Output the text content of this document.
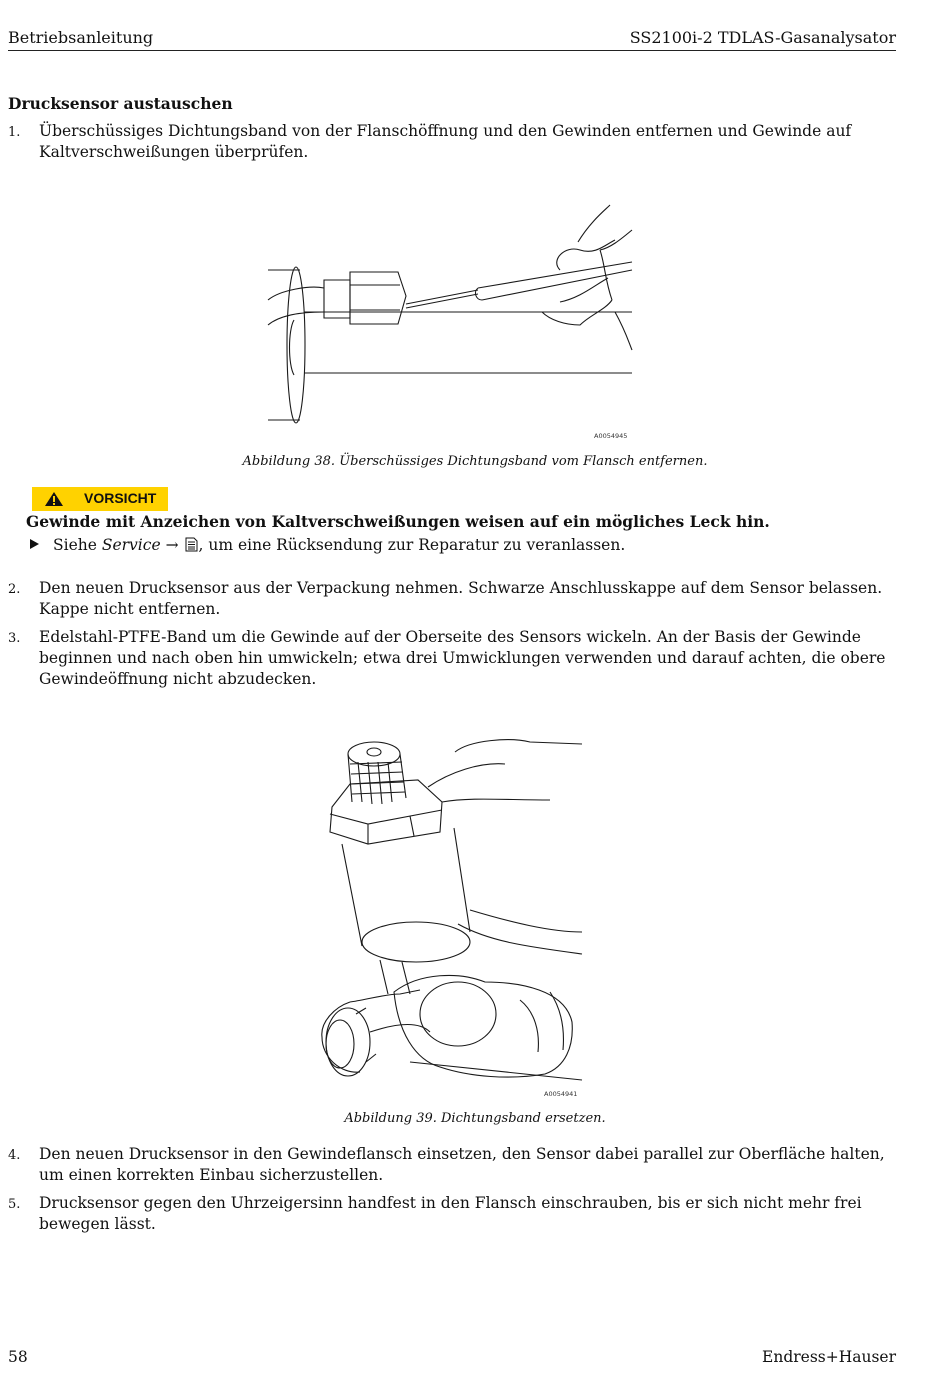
Betriebsanleitung	SS2100i-2 TDLAS-Gasanalysator
Drucksensor austauschen
1. Überschüssiges Dichtungsband von der Flanschöffnung und den Gewinden entfernen und Gewinde auf Kaltverschweißungen überprüfen.
A0054945
Abbildung 38. Überschüssiges Dichtungsband vom Flansch entfernen.
VORSICHT
Gewinde mit Anzeichen von Kaltverschweißungen weisen auf ein mögliches Leck hin.
Siehe Service → , um eine Rücksendung zur Reparatur zu veranlassen.
2. Den neuen Drucksensor aus der Verpackung nehmen. Schwarze Anschlusskappe auf dem Sensor belassen. Kappe nicht entfernen.
3. Edelstahl-PTFE-Band um die Gewinde auf der Oberseite des Sensors wickeln. An der Basis der Gewinde beginnen und nach oben hin umwickeln; etwa drei Umwicklungen verwenden und darauf achten, die obere Gewindeöffnung nicht abzudecken.
A0054941
Abbildung 39. Dichtungsband ersetzen.
4. Den neuen Drucksensor in den Gewindeflansch einsetzen, den Sensor dabei parallel zur Oberfläche halten, um einen korrekten Einbau sicherzustellen.
5. Drucksensor gegen den Uhrzeigersinn handfest in den Flansch einschrauben, bis er sich nicht mehr frei bewegen lässt.
58	Endress+Hauser
